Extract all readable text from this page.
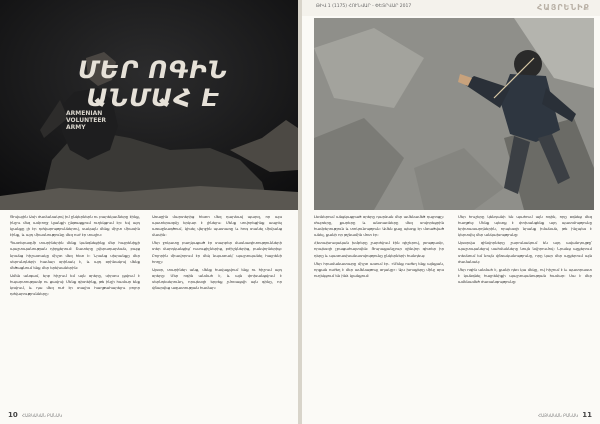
ՄԵՐ ՈԳԻՆ ԱՆՄԱՀ Է
ARMENIAN
VOLUNTEER
ARMY

Ծովային Ասի ժամանակով իմ ընկերներն ու բարեկամները էինք, ինչու մեզ ամբողջ կյանքի ընթացքում ուղեկցում էր։ Եվ այդ կյանքը լի էր դժվարություններով, սակայն մենք միշտ միասին էինք, և այդ միասնությունը մեզ ուժ էր տալիս։

Պատերազմի տարիներին մենք կանգնեցինք մեր հայրենիքի պաշտպանության դիրքերում։ Շատերը չվերադարձան, բայց նրանց հիշատակը միշտ մեզ հետ է։ Նրանց սխրանքը մեր սերունդների համար օրինակ է, և այդ օրինակով մենք մեծացնում ենք մեր երեխաներին։

Ամեն անգամ, երբ հիշում եմ այն օրերը, սիրտս լցվում է հպարտությամբ ու ցավով։ Մենք գիտեինք, թե ինչի համար ենք կռվում, և դա մեզ ուժ էր տալիս հաղթահարելու բոլոր դժվարությունները։

Առաջին մարտերից հետո մեզ դարձավ պարզ, որ այս պատերազմը երկար է լինելու։ Մենք սովորեցինք ապրել առաջնագծում, կիսել վերջին պատառը և հոգ տանել միմյանց մասին։

Մեր ջոկատը բաղկացած էր տարբեր մասնագիտությունների տեր մարդկանցից՝ ուսուցիչներից, բժիշկներից, բանվորներից։ Բոլորին միավորում էր մեկ նպատակ՝ պաշտպանել հայրենի հողը։

Այսօր, տարիներ անց, մենք հավաքվում ենք ու հիշում այդ օրերը։ Մեր ոգին անմահ է, և այն փոխանցվում է սերնդեսերունդ, որպեսզի երբեք չմոռացվի այն գինը, որ վճարվեց ազատության համար։

10 ՀԱՅԿԱԿԱՆ ԲԱՆԱԿ
ԹԻՎ 1 (1175) ՀՈՒՆՎԱՐ - ՓԵՏՐՎԱՐ 2017	ՀԱՅՐԵՆԻՔ

Լեռներում անցկացրած օրերը դարձան մեր ամենամեծ դպրոցը։ Ժայռերը, քարերը և անտառները մեզ սովորեցրին համբերություն և տոկունություն։ Ամեն քայլ պետք էր մտածված անել, քանի որ թշնամին մոտ էր։

Հետախուզական խմբերը շարժվում էին գիշերով, լռությամբ, որպեսզի չբացահայտվեն։ Յուրաքանչյուր զինվոր գիտեր իր դերը և պատասխանատվությունը ընկերների հանդեպ։

Մեր հրամանատարը միշտ ասում էր. «Մենք ուժեղ ենք այնքան, որքան ուժեղ է մեր ամենաթույլ օղակը»։ Այս խոսքերը մինչ օրս ուղեկցում են ինձ կյանքում։

Մեր հուշերը կենդանի են պահում այն ոգին, որը օգնեց մեզ հաղթել։ Մենք պետք է փոխանցենք այդ պատմությունը երիտասարդներին, որպեսզի նրանք իմանան, թե ինչպես է կերտվել մեր անկախությունը։

Այսօրվա զինվորները շարունակում են այդ ավանդույթը՝ պաշտպանելով սահմանները նույն նվիրումով։ Նրանց աչքերում տեսնում եմ նույն վճռականությունը, որը կար մեր աչքերում այն ժամանակ։

Մեր ոգին անմահ է, քանի դեռ կա մեկը, ով հիշում է և պատրաստ է կանգնել հայրենիքի պաշտպանության համար։ Սա է մեր ամենամեծ ժառանգությունը։

ՀԱՅԿԱԿԱՆ ԲԱՆԱԿ 11
